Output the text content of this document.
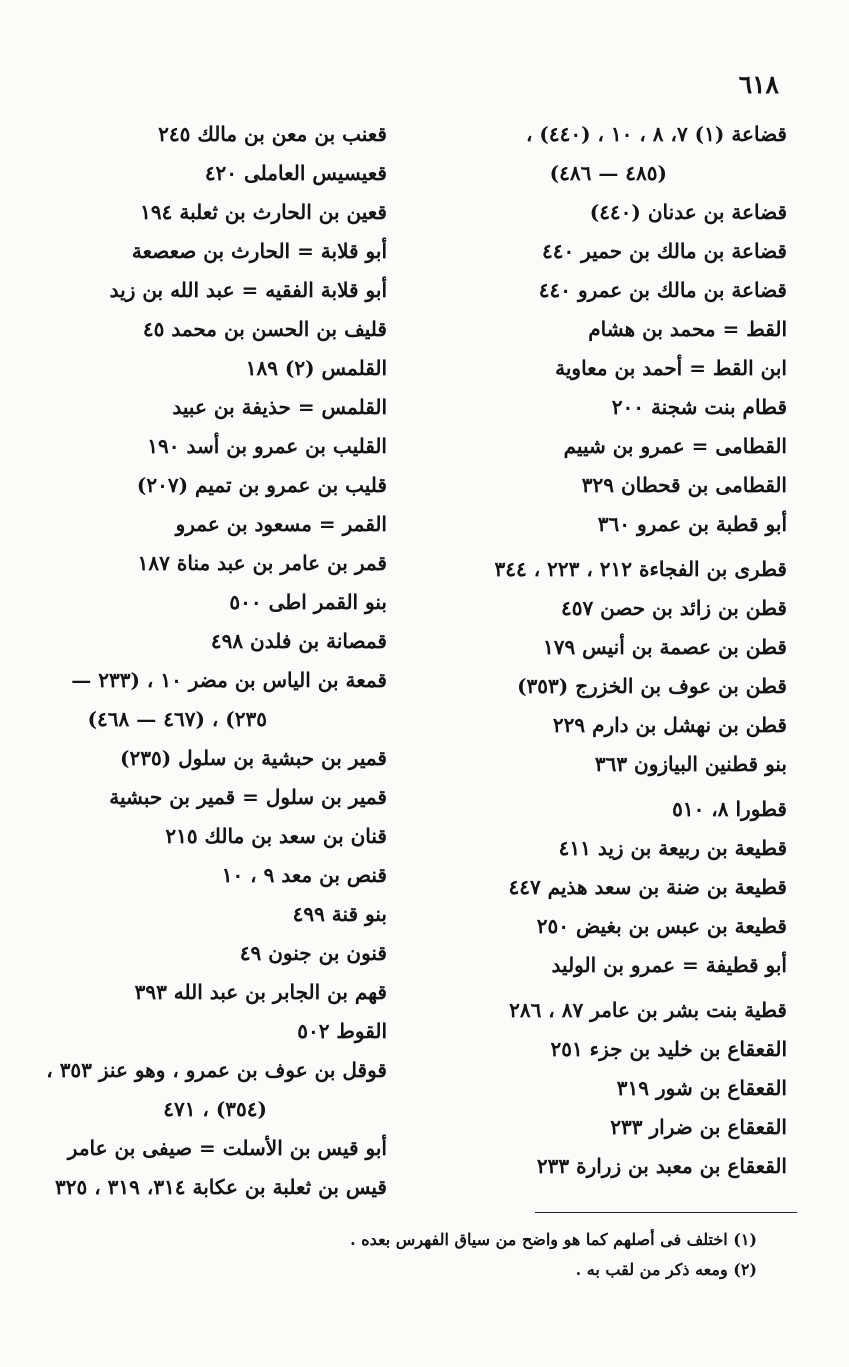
٦١٨
قضاعة (١) ٧، ٨ ، ١٠ ، (٤٤٠) ،
(٤٨٥ — ٤٨٦)
قضاعة بن عدنان (٤٤٠)
قضاعة بن مالك بن حمير ٤٤٠
قضاعة بن مالك بن عمرو ٤٤٠
القط = محمد بن هشام
ابن القط = أحمد بن معاوية
قطام بنت شجنة ٢٠٠
القطامى = عمرو بن شييم
القطامى بن قحطان ٣٢٩
أبو قطبة بن عمرو ٣٦٠
قطرى بن الفجاءة ٢١٢ ، ٢٢٣ ، ٣٤٤
قطن بن زائد بن حصن ٤٥٧
قطن بن عصمة بن أنيس ١٧٩
قطن بن عوف بن الخزرج (٣٥٣)
قطن بن نهشل بن دارم ٢٢٩
بنو قطنين البيازون ٣٦٣
قطورا ٨، ٥١٠
قطيعة بن ربيعة بن زيد ٤١١
قطيعة بن ضنة بن سعد هذيم ٤٤٧
قطيعة بن عبس بن بغيض ٢٥٠
أبو قطيفة = عمرو بن الوليد
قطية بنت بشر بن عامر ٨٧ ، ٢٨٦
القعقاع بن خليد بن جزء ٢٥١
القعقاع بن شور ٣١٩
القعقاع بن ضرار ٢٣٣
القعقاع بن معبد بن زرارة ٢٣٣
قعنب بن معن بن مالك ٢٤٥
قعيسيس العاملى ٤٢٠
قعين بن الحارث بن ثعلبة ١٩٤
أبو قلابة = الحارث بن صعصعة
أبو قلابة الفقيه = عبد الله بن زيد
قليف بن الحسن بن محمد ٤٥
القلمس (٢) ١٨٩
القلمس = حذيفة بن عبيد
القليب بن عمرو بن أسد ١٩٠
قليب بن عمرو بن تميم (٢٠٧)
القمر = مسعود بن عمرو
قمر بن عامر بن عبد مناة ١٨٧
بنو القمر اطى ٥٠٠
قمصانة بن فلدن ٤٩٨
قمعة بن الياس بن مضر ١٠ ، (٢٣٣ —
٢٣٥) ، (٤٦٧ — ٤٦٨)
قمير بن حبشية بن سلول (٢٣٥)
قمير بن سلول = قمير بن حبشية
قنان بن سعد بن مالك ٢١٥
قنص بن معد ٩ ، ١٠
بنو قنة ٤٩٩
قنون بن جنون ٤٩
قهم بن الجابر بن عبد الله ٣٩٣
القوط ٥٠٢
قوقل بن عوف بن عمرو ، وهو عنز ٣٥٣ ،
(٣٥٤) ، ٤٧١
أبو قيس بن الأسلت = صيفى بن عامر
قيس بن ثعلبة بن عكابة ٣١٤، ٣١٩ ، ٣٢٥
(١) اختلف فى أصلهم كما هو واضح من سياق الفهرس بعده .
(٢) ومعه ذكر من لقب به .
